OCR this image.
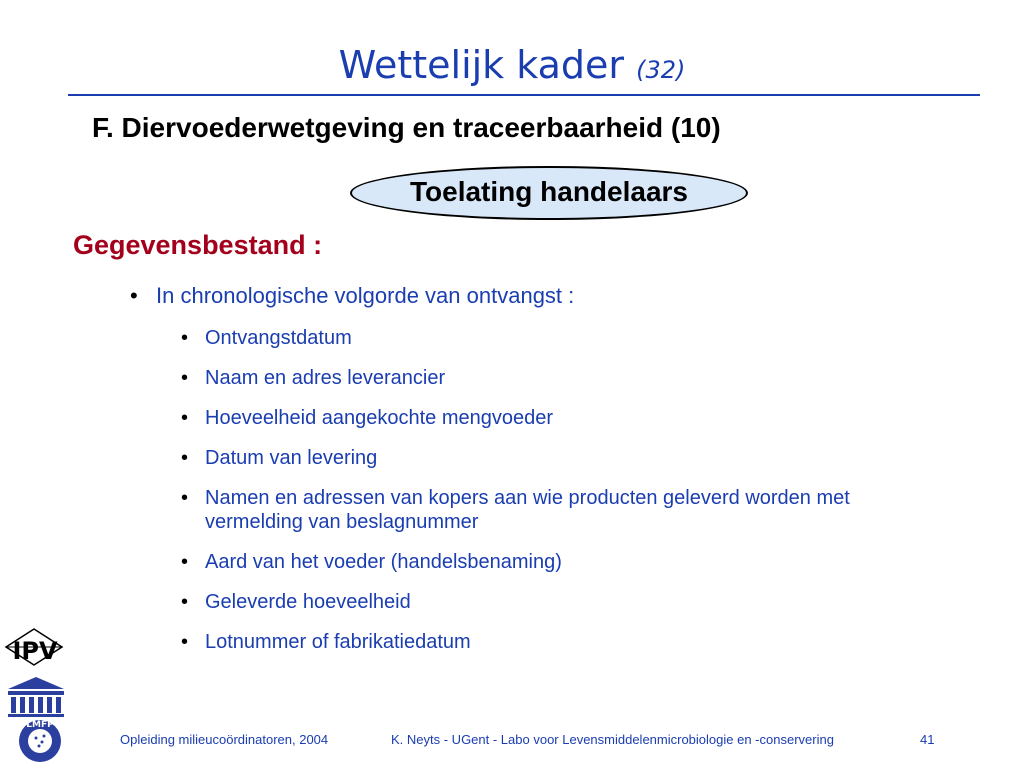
Wettelijk kader (32)
F. Diervoederwetgeving en traceerbaarheid (10)
Toelating handelaars
Gegevensbestand :
• In chronologische volgorde van ontvangst :
• Ontvangstdatum
• Naam en adres leverancier
• Hoeveelheid aangekochte mengvoeder
• Datum van levering
• Namen en adressen van kopers aan wie producten geleverd worden met vermelding van beslagnummer
• Aard van het voeder (handelsbenaming)
• Geleverde hoeveelheid
• Lotnummer of fabrikatiedatum
IPV
LMFP
Opleiding milieucoördinatoren, 2004	K. Neyts - UGent - Labo voor Levensmiddelenmicrobiologie en -conservering	41
